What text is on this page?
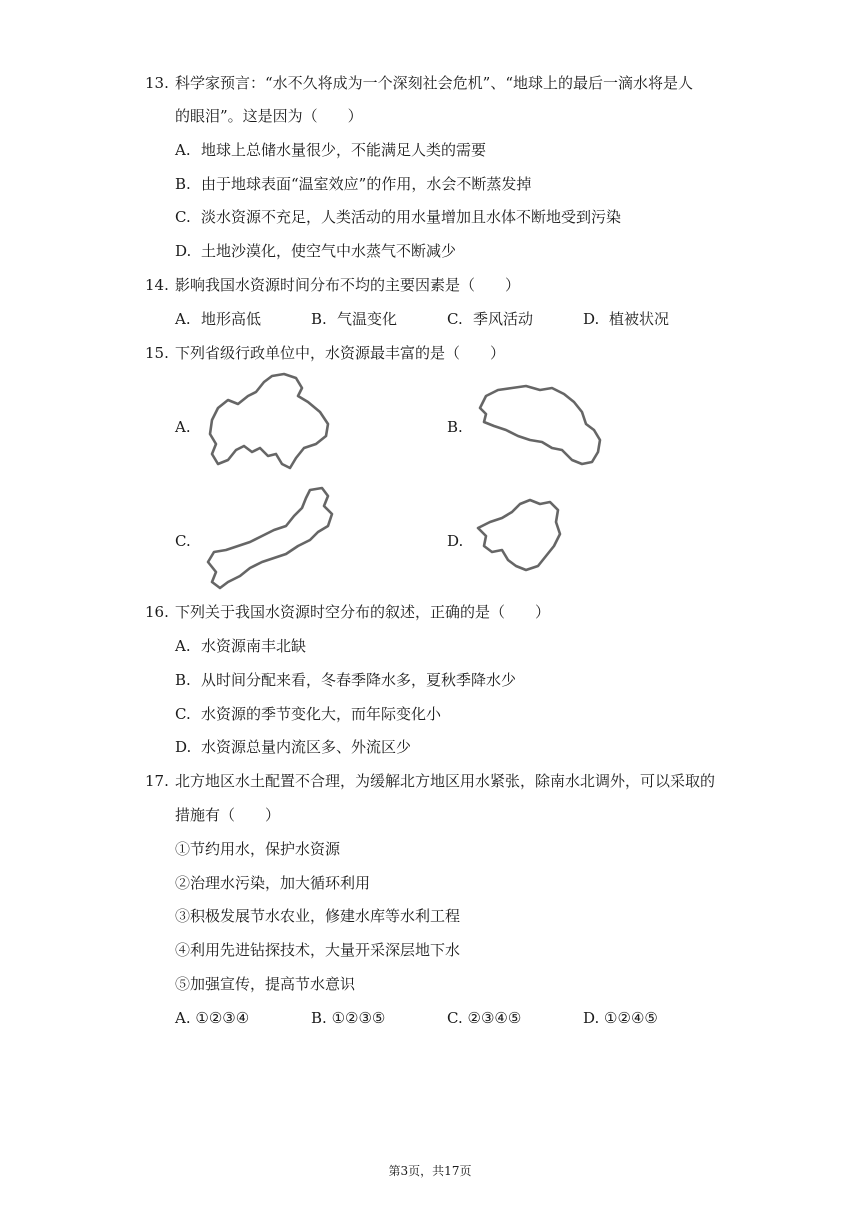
13. 科学家预言：“水不久将成为一个深刻社会危机”、“地球上的最后一滴水将是人
的眼泪”。这是因为（　　）
A. 地球上总储水量很少，不能满足人类的需要
B. 由于地球表面“温室效应”的作用，水会不断蒸发掉
C. 淡水资源不充足，人类活动的用水量增加且水体不断地受到污染
D. 土地沙漠化，使空气中水蒸气不断减少
14. 影响我国水资源时间分布不均的主要因素是（　　）
A. 地形高低	B. 气温变化	C. 季风活动	D. 植被状况
15. 下列省级行政单位中，水资源最丰富的是（　　）
A.	B.
C.	D.
16. 下列关于我国水资源时空分布的叙述，正确的是（　　）
A. 水资源南丰北缺
B. 从时间分配来看，冬春季降水多，夏秋季降水少
C. 水资源的季节变化大，而年际变化小
D. 水资源总量内流区多、外流区少
17. 北方地区水土配置不合理，为缓解北方地区用水紧张，除南水北调外，可以采取的
措施有（　　）
①节约用水，保护水资源
②治理水污染，加大循环利用
③积极发展节水农业，修建水库等水利工程
④利用先进钻探技术，大量开采深层地下水
⑤加强宣传，提高节水意识
A. ①②③④	B. ①②③⑤	C. ②③④⑤	D. ①②④⑤
第3页，共17页
